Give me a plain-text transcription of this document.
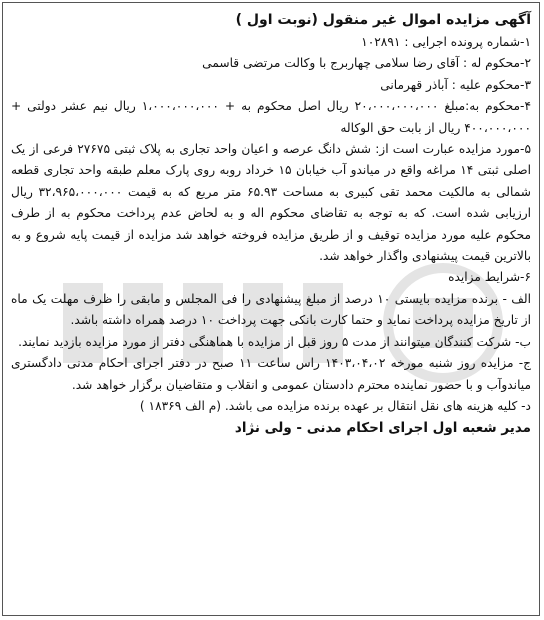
آگهی مزایده اموال غیر منقول (نوبت اول )

۱-شماره پرونده اجرایی : ۱۰۲۸۹۱

۲-محکوم له : آقای رضا سلامی چهاربرج با وکالت مرتضی قاسمی

۳-محکوم علیه : آباذر قهرمانی

۴-محکوم به:مبلغ ۲۰،۰۰۰،۰۰۰،۰۰۰ ریال اصل محکوم به + ۱،۰۰۰،۰۰۰،۰۰۰ ریال نیم عشر دولتی + ۴۰۰،۰۰۰،۰۰۰ ریال از بابت حق الوکاله

۵-مورد مزایده عبارت است از: شش دانگ عرصه و اعیان واحد تجاری به پلاک ثبتی ۲۷۶۷۵ فرعی از یک اصلی ثبتی ۱۴ مراغه واقع در میاندو آب خیابان ۱۵ خرداد روبه روی پارک معلم طبقه واحد تجاری قطعه شمالی به مالکیت محمد تقی کبیری به مساحت ۶۵.۹۳ متر مربع که به قیمت ۳۲،۹۶۵،۰۰۰،۰۰۰ ریال ارزیابی شده است. که به توجه به تقاضای محکوم اله و به لحاض عدم پرداخت محکوم به از طرف محکوم علیه مورد مزایده توقیف و از طریق مزایده فروخته خواهد شد مزایده از قیمت پایه شروع و به بالاترین قیمت پیشنهادی واگذار خواهد شد.

۶-شرایط مزایده

الف - برنده مزایده بایستی ۱۰ درصد از مبلغ پیشنهادی را فی المجلس و مابقی را ظرف مهلت یک ماه از تاریخ مزایده پرداخت نماید و حتما کارت بانکی جهت پرداخت ۱۰ درصد همراه داشته باشد.

ب- شرکت کنندگان میتوانند از مدت ۵ روز قبل از مزایده با هماهنگی دفتر از مورد مزایده بازدید نمایند.

ج- مزایده روز شنبه مورخه ۱۴۰۳،۰۴،۰۲ راس ساعت ۱۱ صبح در دفتر اجرای احکام مدنی دادگستری میاندوآب و با حضور نماینده محترم دادستان عمومی و انقلاب و متقاضیان برگزار خواهد شد.

د- کلیه هزینه های نقل انتقال بر عهده برنده مزایده می باشد. (م الف ۱۸۳۶۹ )

مدیر شعبه اول اجرای احکام مدنی - ولی نژاد
